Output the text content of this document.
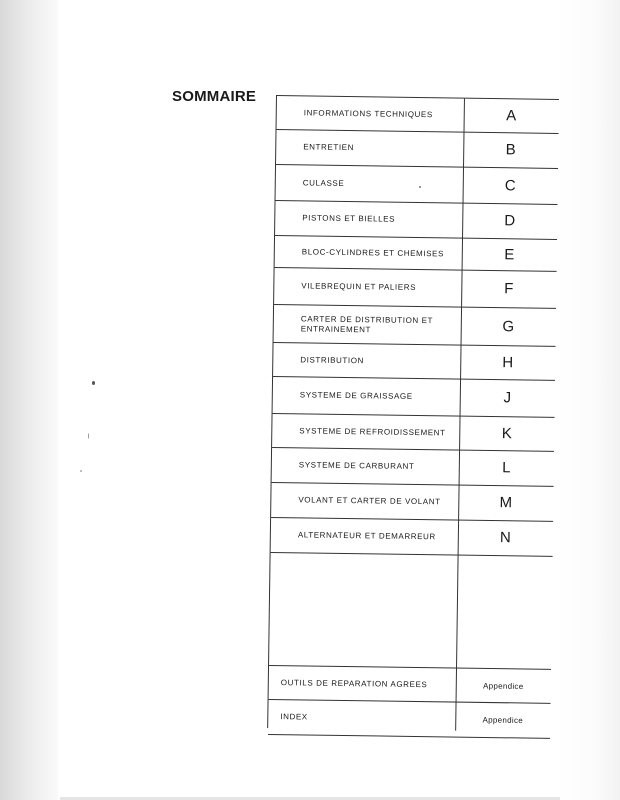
SOMMAIRE
INFORMATIONS TECHNIQUES	A
ENTRETIEN	B
CULASSE	C
PISTONS ET BIELLES	D
BLOC-CYLINDRES ET CHEMISES	E
VILEBREQUIN ET PALIERS	F
CARTER DE DISTRIBUTION ET ENTRAINEMENT	G
DISTRIBUTION	H
SYSTEME DE GRAISSAGE	J
SYSTEME DE REFROIDISSEMENT	K
SYSTEME DE CARBURANT	L
VOLANT ET CARTER DE VOLANT	M
ALTERNATEUR ET DEMARREUR	N
OUTILS DE REPARATION AGREES	Appendice
INDEX	Appendice
